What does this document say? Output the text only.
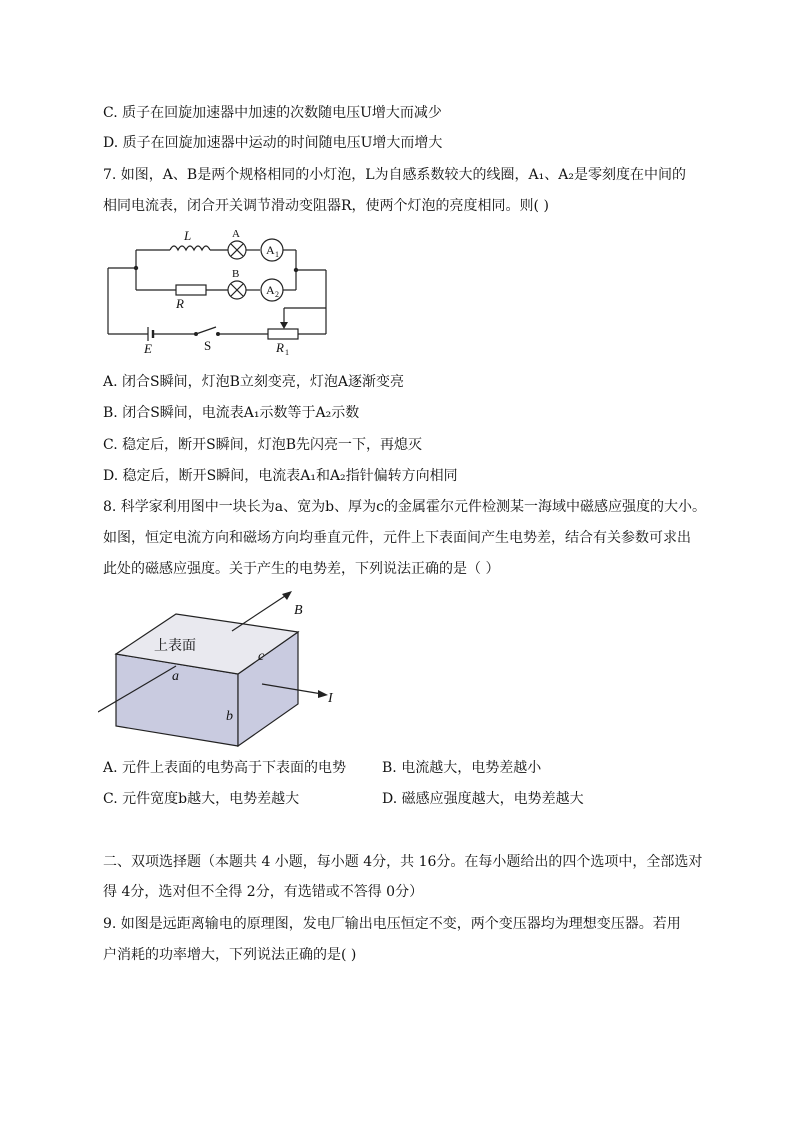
C. 质子在回旋加速器中加速的次数随电压U增大而减少
D. 质子在回旋加速器中运动的时间随电压U增大而增大
7. 如图，A、B是两个规格相同的小灯泡，L为自感系数较大的线圈，A₁、A₂是零刻度在中间的
相同电流表，闭合开关调节滑动变阻器R，使两个灯泡的亮度相同。则( )
L	A
A 1
B
A 2
R
E	S	R 1
A. 闭合S瞬间，灯泡B立刻变亮，灯泡A逐渐变亮
B. 闭合S瞬间，电流表A₁示数等于A₂示数
C. 稳定后，断开S瞬间，灯泡B先闪亮一下，再熄灭
D. 稳定后，断开S瞬间，电流表A₁和A₂指针偏转方向相同
8. 科学家利用图中一块长为a、宽为b、厚为c的金属霍尔元件检测某一海域中磁感应强度的大小。
如图，恒定电流方向和磁场方向均垂直元件，元件上下表面间产生电势差，结合有关参数可求出
此处的磁感应强度。关于产生的电势差，下列说法正确的是（ ）
上表面
a
b
c
B
I
A. 元件上表面的电势高于下表面的电势	B. 电流越大，电势差越小
C. 元件宽度b越大，电势差越大	D. 磁感应强度越大，电势差越大
二、双项选择题（本题共 4 小题，每小题 4分，共 16分。在每小题给出的四个选项中，全部选对
得 4分，选对但不全得 2分，有选错或不答得 0分）
9. 如图是远距离输电的原理图，发电厂输出电压恒定不变，两个变压器均为理想变压器。若用
户消耗的功率增大，下列说法正确的是( )
